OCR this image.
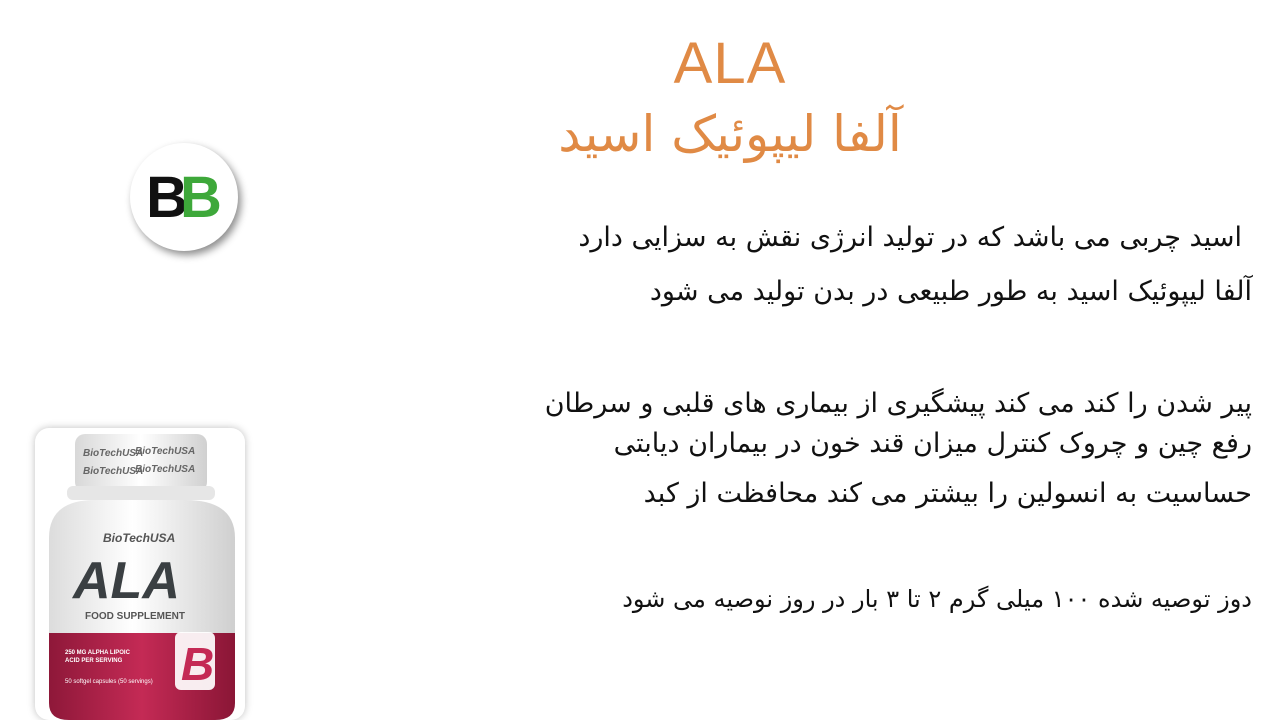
ALA
آلفا لیپوئیک اسید
B
B
اسید چربی می باشد که در تولید انرژی نقش به سزایی دارد
آلفا لیپوئیک اسید به طور طبیعی در بدن تولید می شود
پیر شدن را کند می کند پیشگیری از بیماری های قلبی و سرطان
رفع چین و چروک کنترل میزان قند خون در بیماران دیابتی
حساسیت به انسولین را بیشتر می کند محافظت از کبد
دوز توصیه شده ۱۰۰ میلی گرم ۲ تا ۳ بار در روز نوصیه می شود
BioTechUSA
BioTechUSA
BioTechUSA
BioTechUSA
BioTechUSA
ALA
FOOD SUPPLEMENT
250 MG ALPHA LIPOIC
ACID PER SERVING
50 softgel capsules (50 servings) B
